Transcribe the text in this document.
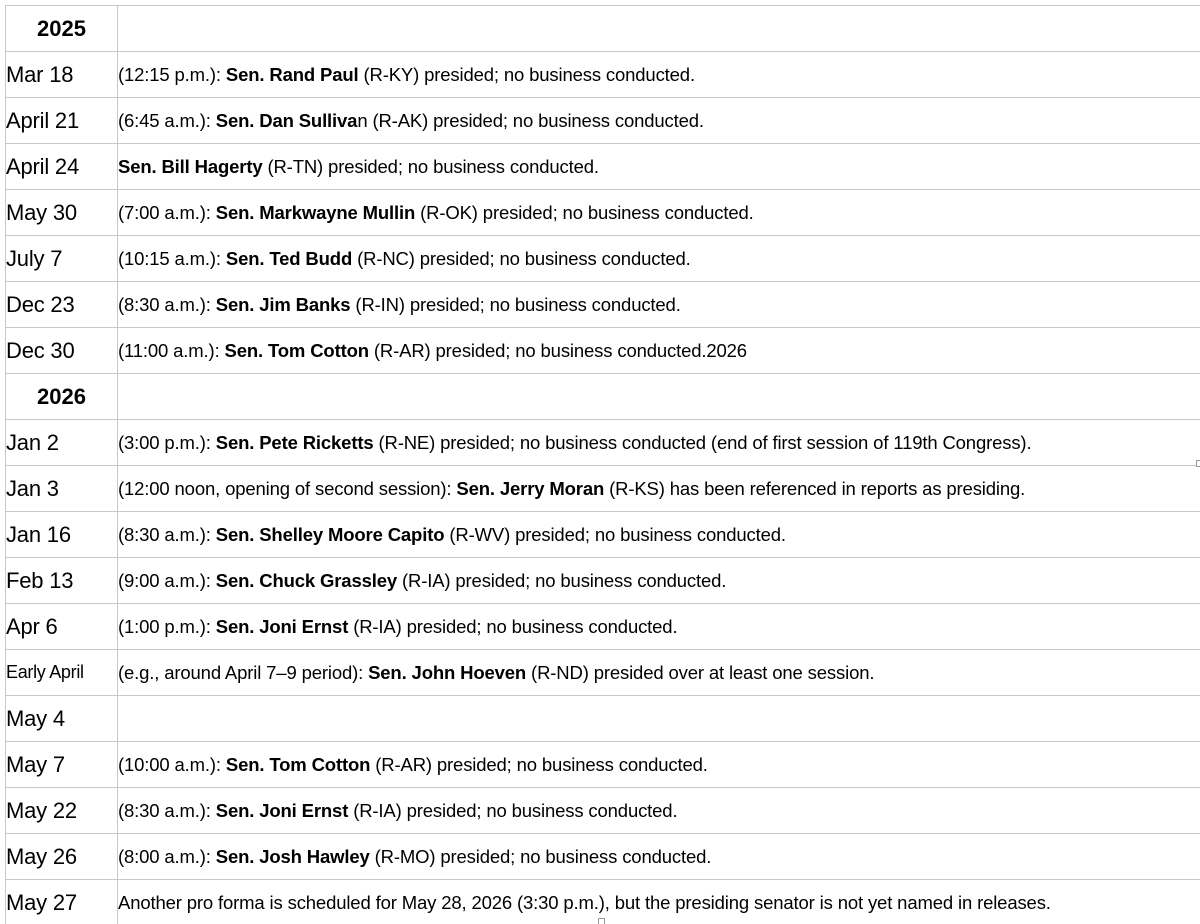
2025	
Mar 18	(12:15 p.m.): Sen. Rand Paul (R-KY) presided; no business conducted.
April 21	(6:45 a.m.): Sen. Dan Sullivan (R-AK) presided; no business conducted.
April 24	Sen. Bill Hagerty (R-TN) presided; no business conducted.
May 30	(7:00 a.m.): Sen. Markwayne Mullin (R-OK) presided; no business conducted.
July 7	(10:15 a.m.): Sen. Ted Budd (R-NC) presided; no business conducted.
Dec 23	(8:30 a.m.): Sen. Jim Banks (R-IN) presided; no business conducted.
Dec 30	(11:00 a.m.): Sen. Tom Cotton (R-AR) presided; no business conducted.2026
2026	
Jan 2	(3:00 p.m.): Sen. Pete Ricketts (R-NE) presided; no business conducted (end of first session of 119th Congress).
Jan 3	(12:00 noon, opening of second session): Sen. Jerry Moran (R-KS) has been referenced in reports as presiding.
Jan 16	(8:30 a.m.): Sen. Shelley Moore Capito (R-WV) presided; no business conducted.
Feb 13	(9:00 a.m.): Sen. Chuck Grassley (R-IA) presided; no business conducted.
Apr 6	(1:00 p.m.): Sen. Joni Ernst (R-IA) presided; no business conducted.
Early April	(e.g., around April 7–9 period): Sen. John Hoeven (R-ND) presided over at least one session.
May 4	
May 7	(10:00 a.m.): Sen. Tom Cotton (R-AR) presided; no business conducted.
May 22	(8:30 a.m.): Sen. Joni Ernst (R-IA) presided; no business conducted.
May 26	(8:00 a.m.): Sen. Josh Hawley (R-MO) presided; no business conducted.
May 27	Another pro forma is scheduled for May 28, 2026 (3:30 p.m.), but the presiding senator is not yet named in releases.
